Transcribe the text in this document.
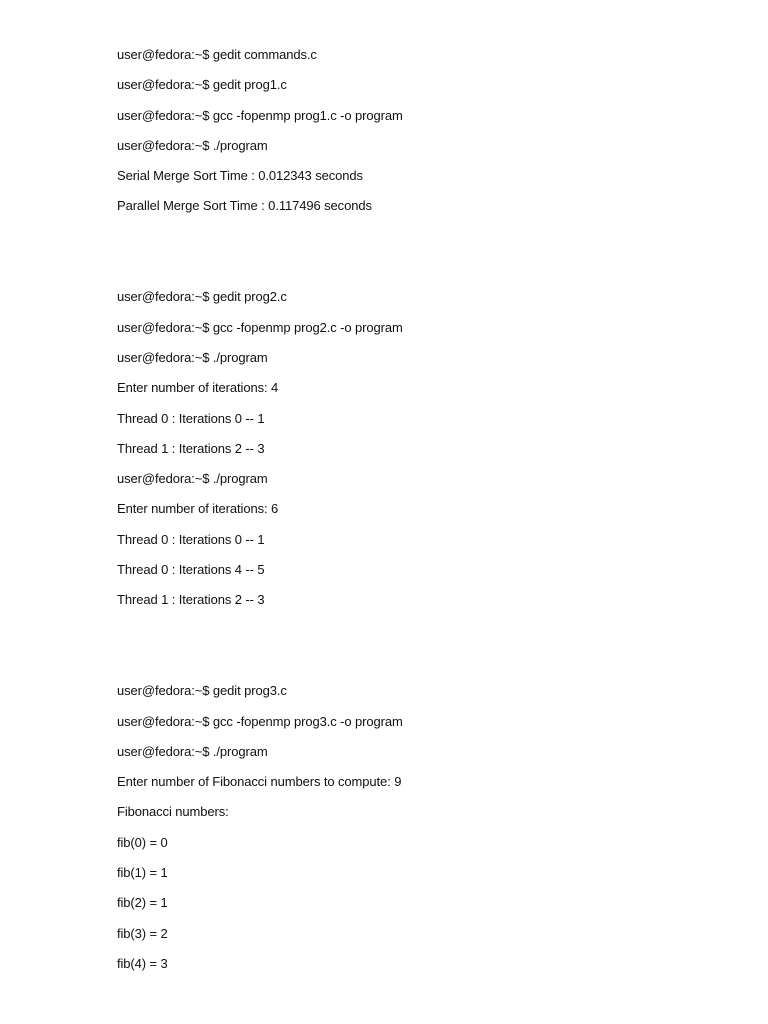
user@fedora:~$ gedit commands.c
user@fedora:~$ gedit prog1.c
user@fedora:~$ gcc -fopenmp prog1.c -o program
user@fedora:~$ ./program
Serial Merge Sort Time : 0.012343 seconds
Parallel Merge Sort Time : 0.117496 seconds
user@fedora:~$ gedit prog2.c
user@fedora:~$ gcc -fopenmp prog2.c -o program
user@fedora:~$ ./program
Enter number of iterations: 4
Thread 0 : Iterations 0 -- 1
Thread 1 : Iterations 2 -- 3
user@fedora:~$ ./program
Enter number of iterations: 6
Thread 0 : Iterations 0 -- 1
Thread 0 : Iterations 4 -- 5
Thread 1 : Iterations 2 -- 3
user@fedora:~$ gedit prog3.c
user@fedora:~$ gcc -fopenmp prog3.c -o program
user@fedora:~$ ./program
Enter number of Fibonacci numbers to compute: 9
Fibonacci numbers:
fib(0) = 0
fib(1) = 1
fib(2) = 1
fib(3) = 2
fib(4) = 3
